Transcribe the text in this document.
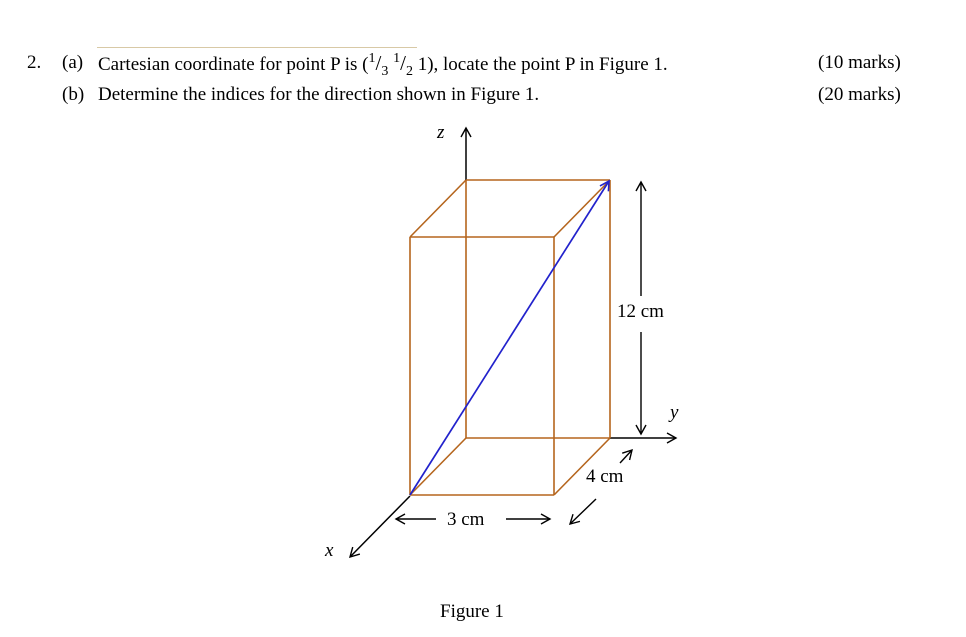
2. (a) Cartesian coordinate for point P is ($^1/_3$ $^1/_2$ 1), locate the point P in Figure 1.	(10 marks)
(b) Determine the indices for the direction shown in Figure 1.	(20 marks)
12 cm
4 cm
3 cm
z
y
x
Figure 1
